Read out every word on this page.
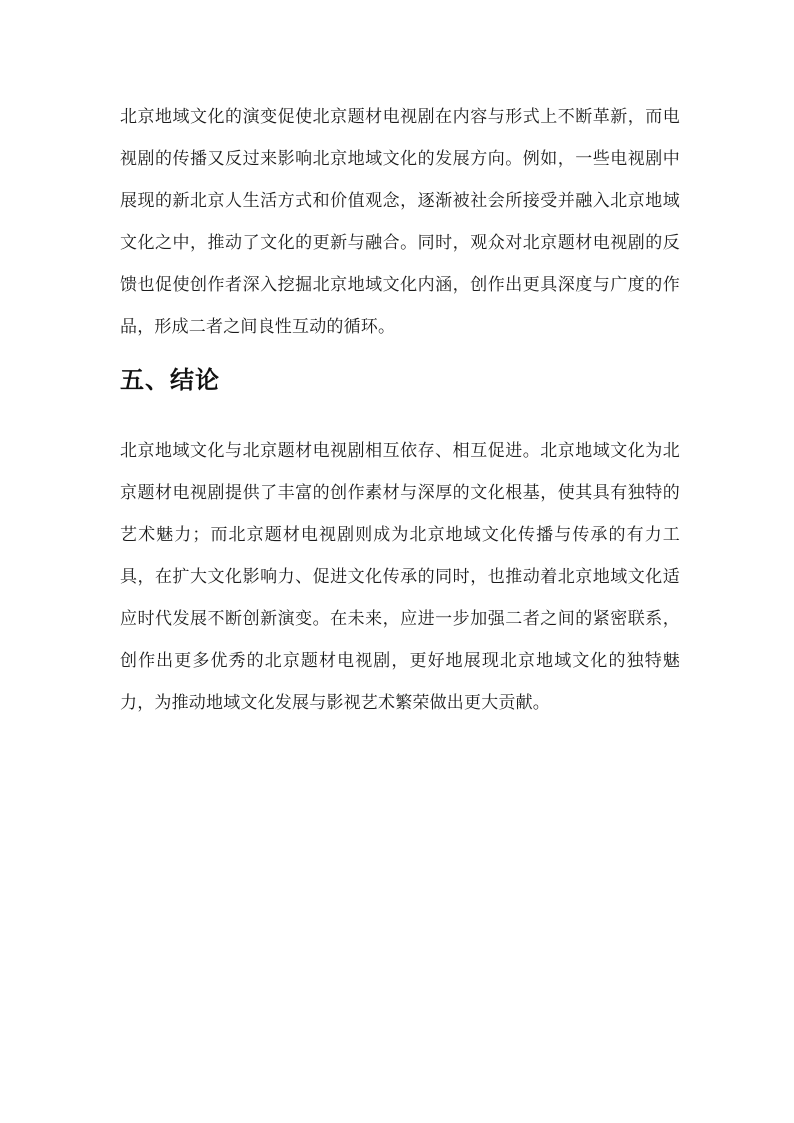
北京地域文化的演变促使北京题材电视剧在内容与形式上不断革新，而电视剧的传播又反过来影响北京地域文化的发展方向。例如，一些电视剧中展现的新北京人生活方式和价值观念，逐渐被社会所接受并融入北京地域文化之中，推动了文化的更新与融合。同时，观众对北京题材电视剧的反馈也促使创作者深入挖掘北京地域文化内涵，创作出更具深度与广度的作品，形成二者之间良性互动的循环。

五、结论

北京地域文化与北京题材电视剧相互依存、相互促进。北京地域文化为北京题材电视剧提供了丰富的创作素材与深厚的文化根基，使其具有独特的艺术魅力；而北京题材电视剧则成为北京地域文化传播与传承的有力工具，在扩大文化影响力、促进文化传承的同时，也推动着北京地域文化适应时代发展不断创新演变。在未来，应进一步加强二者之间的紧密联系，创作出更多优秀的北京题材电视剧，更好地展现北京地域文化的独特魅力，为推动地域文化发展与影视艺术繁荣做出更大贡献。
